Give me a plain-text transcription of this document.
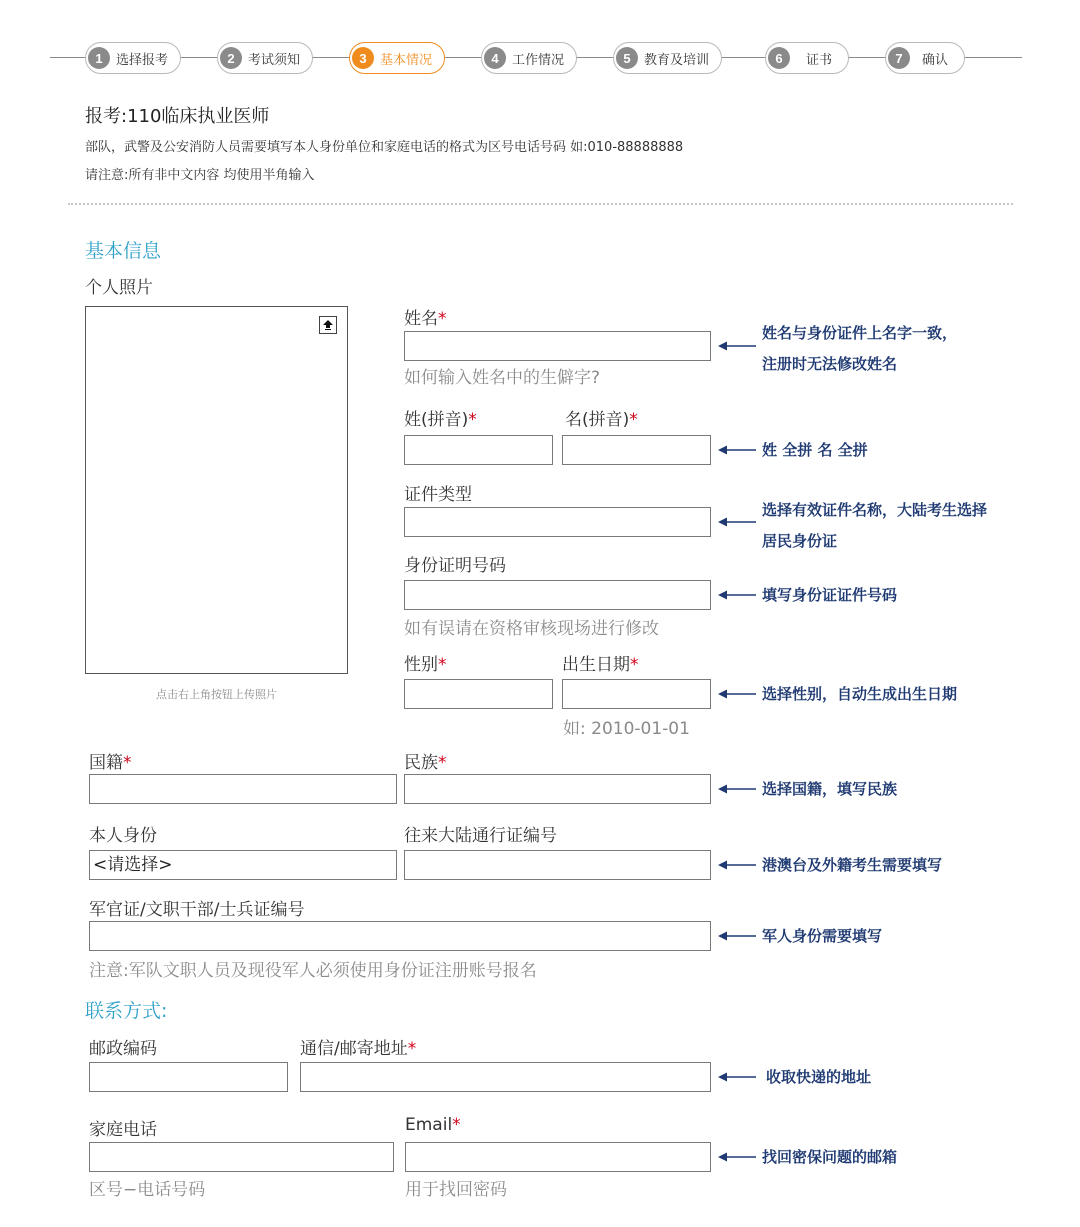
1	选择报考	2	考试须知	3	基本情况	4	工作情况	5	教育及培训	6	证书	7	确认
报考:110临床执业医师
部队，武警及公安消防人员需要填写本人身份单位和家庭电话的格式为区号电话号码 如:010-88888888
请注意:所有非中文内容 均使用半角输入
基本信息
个人照片
点击右上角按钮上传照片
姓名*
如何输入姓名中的生僻字?
姓(拼音)*	名(拼音)*
证件类型
身份证明号码
如有误请在资格审核现场进行修改
性别*	出生日期*
如: 2010-01-01
国籍*	民族*
本人身份	往来大陆通行证编号
<请选择>
军官证/文职干部/士兵证编号
注意:军队文职人员及现役军人必须使用身份证注册账号报名
联系方式:
邮政编码	通信/邮寄地址*
家庭电话	Email*
区号−电话号码	用于找回密码
姓名与身份证件上名字一致，
注册时无法修改姓名
姓 全拼 名 全拼
选择有效证件名称，大陆考生选择
居民身份证
填写身份证证件号码
选择性别，自动生成出生日期
选择国籍，填写民族
港澳台及外籍考生需要填写
军人身份需要填写
收取快递的地址
找回密保问题的邮箱
